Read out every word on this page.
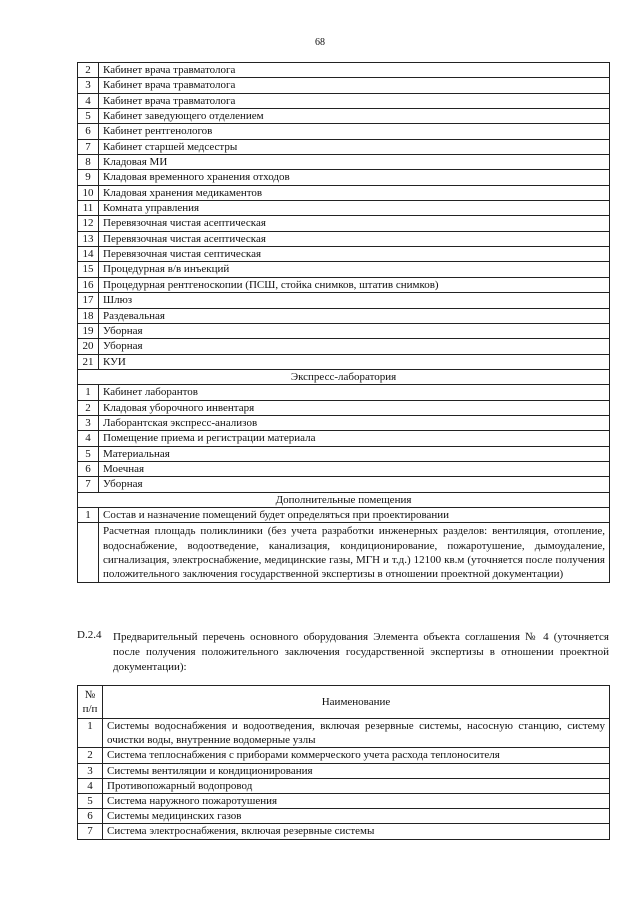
68
2	Кабинет врача травматолога
3	Кабинет врача травматолога
4	Кабинет врача травматолога
5	Кабинет заведующего отделением
6	Кабинет рентгенологов
7	Кабинет старшей медсестры
8	Кладовая МИ
9	Кладовая временного хранения отходов
10	Кладовая хранения медикаментов
11	Комната управления
12	Перевязочная чистая асептическая
13	Перевязочная чистая асептическая
14	Перевязочная чистая септическая
15	Процедурная в/в инъекций
16	Процедурная рентгеноскопии (ПСШ, стойка снимков, штатив снимков)
17	Шлюз
18	Раздевальная
19	Уборная
20	Уборная
21	КУИ
Экспресс-лаборатория	
1	Кабинет лаборантов
2	Кладовая уборочного инвентаря
3	Лаборантская экспресс-анализов
4	Помещение приема и регистрации материала
5	Материальная
6	Моечная
7	Уборная
Дополнительные помещения	
1	Состав и назначение помещений будет определяться при проектировании
	Расчетная площадь поликлиники (без учета разработки инженерных разделов: вентиляция, отопление, водоснабжение, водоотведение, канализация, кондиционирование, пожаротушение, дымоудаление, сигнализация, электроснабжение, медицинские газы, МГН и т.д.) 12100 кв.м (уточняется после получения положительного заключения государственной экспертизы в отношении проектной документации)
D.2.4 Предварительный перечень основного оборудования Элемента объекта соглашения № 4 (уточняется после получения положительного заключения государственной экспертизы в отношении проектной документации):
№
п/п	Наименование
1	Системы водоснабжения и водоотведения, включая резервные системы, насосную станцию, систему очистки воды, внутренние водомерные узлы
2	Система теплоснабжения с приборами коммерческого учета расхода теплоносителя
3	Системы вентиляции и кондиционирования
4	Противопожарный водопровод
5	Система наружного пожаротушения
6	Системы медицинских газов
7	Система электроснабжения, включая резервные системы
